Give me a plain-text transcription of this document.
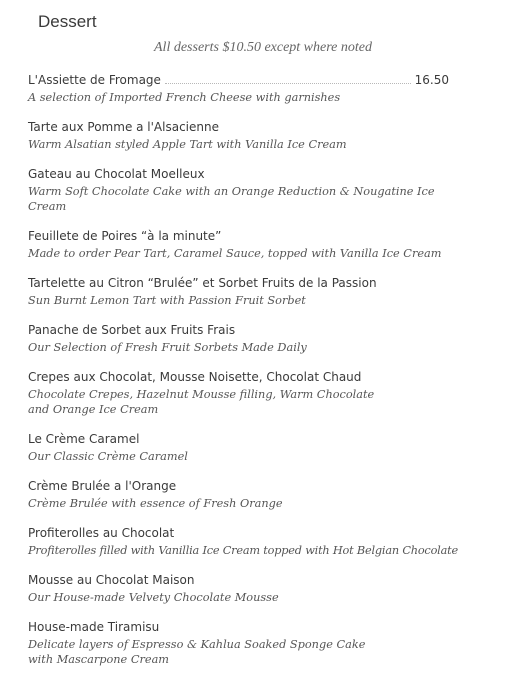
Dessert
All desserts $10.50 except where noted
L'Assiette de Fromage	16.50
A selection of Imported French Cheese with garnishes
Tarte aux Pomme a l'Alsacienne
Warm Alsatian styled Apple Tart with Vanilla Ice Cream
Gateau au Chocolat Moelleux
Warm Soft Chocolate Cake with an Orange Reduction & Nougatine Ice Cream
Feuillete de Poires “à la minute”
Made to order Pear Tart, Caramel Sauce, topped with Vanilla Ice Cream
Tartelette au Citron “Brulée” et Sorbet Fruits de la Passion
Sun Burnt Lemon Tart with Passion Fruit Sorbet
Panache de Sorbet aux Fruits Frais
Our Selection of Fresh Fruit Sorbets Made Daily
Crepes aux Chocolat, Mousse Noisette, Chocolat Chaud
Chocolate Crepes, Hazelnut Mousse filling, Warm Chocolate and Orange Ice Cream
Le Crème Caramel
Our Classic Crème Caramel
Crème Brulée a l'Orange
Crème Brulée with essence of Fresh Orange
Profiterolles au Chocolat
Profiterolles filled with Vanillia Ice Cream topped with Hot Belgian Chocolate
Mousse au Chocolat Maison
Our House-made Velvety Chocolate Mousse
House-made Tiramisu
Delicate layers of Espresso & Kahlua Soaked Sponge Cake with Mascarpone Cream
